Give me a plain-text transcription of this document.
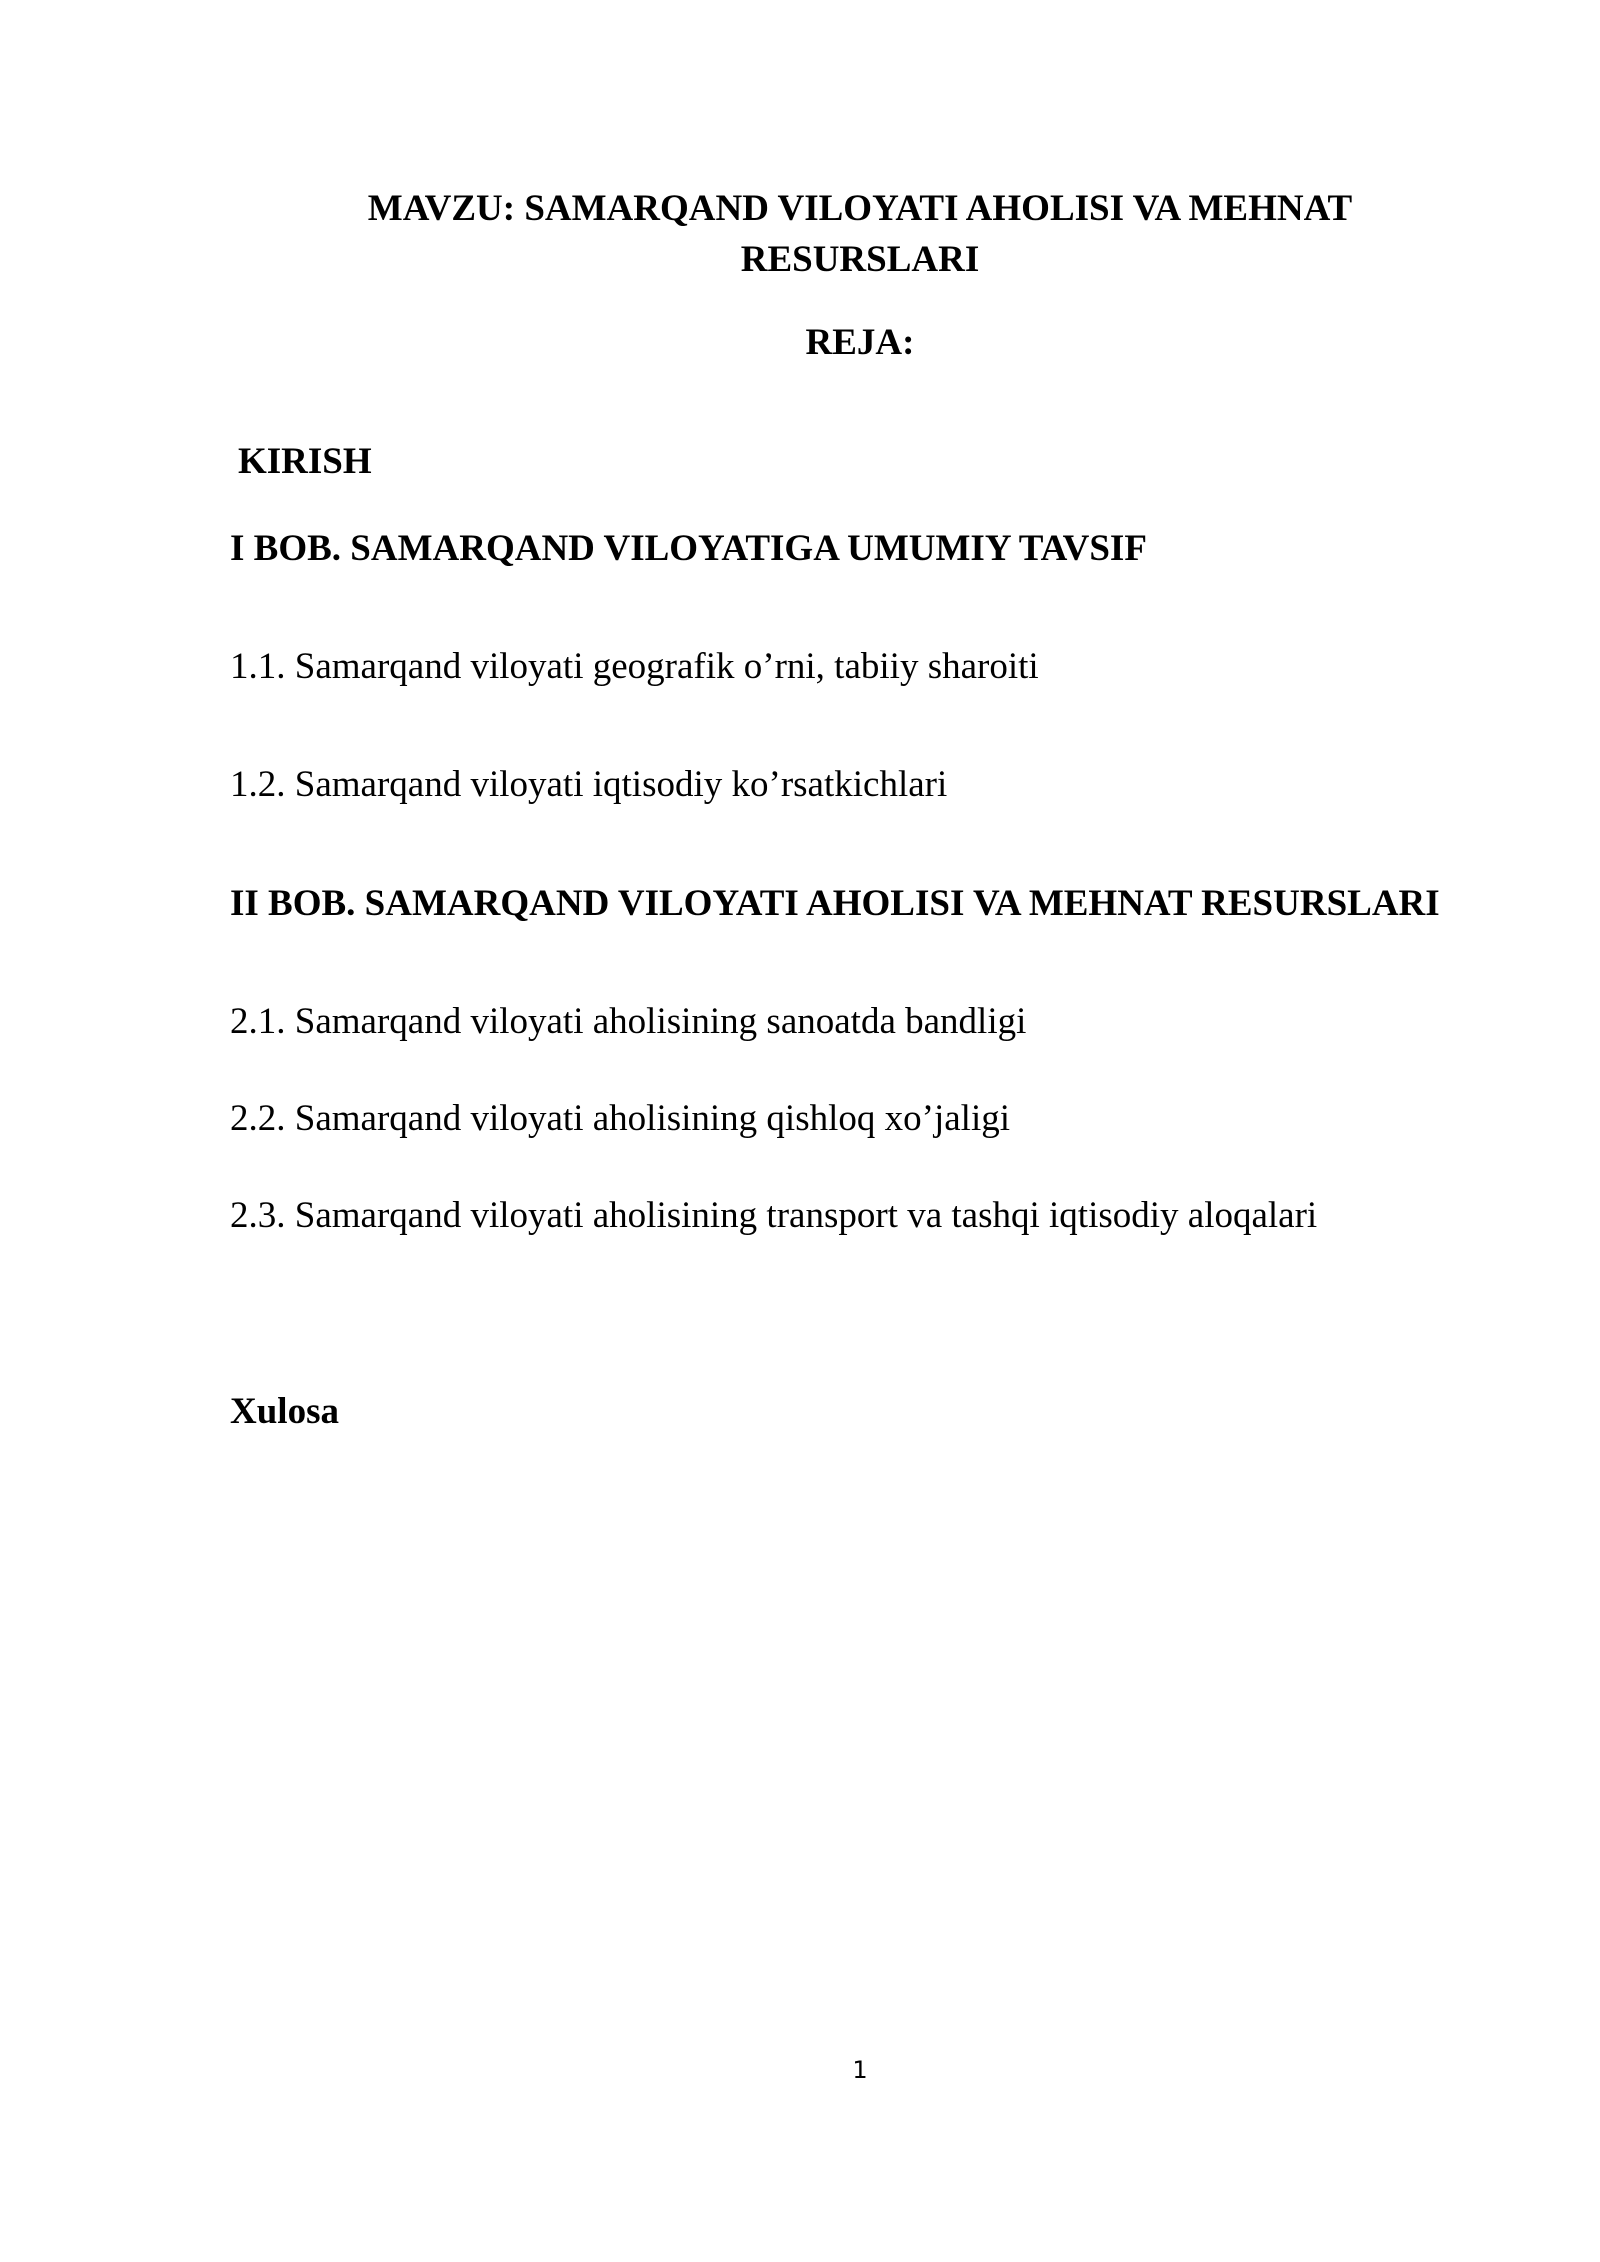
MAVZU: SAMARQAND VILOYATI AHOLISI VA MEHNAT RESURSLARI
REJA:
KIRISH
I BOB. SAMARQAND VILOYATIGA UMUMIY TAVSIF
1.1. Samarqand viloyati geografik o’rni, tabiiy sharoiti
1.2. Samarqand viloyati iqtisodiy ko’rsatkichlari
II BOB. SAMARQAND VILOYATI AHOLISI VA MEHNAT RESURSLARI
2.1. Samarqand viloyati aholisining sanoatda bandligi
2.2. Samarqand viloyati aholisining qishloq xo’jaligi
2.3. Samarqand viloyati aholisining transport va tashqi iqtisodiy aloqalari
Xulosa
1
